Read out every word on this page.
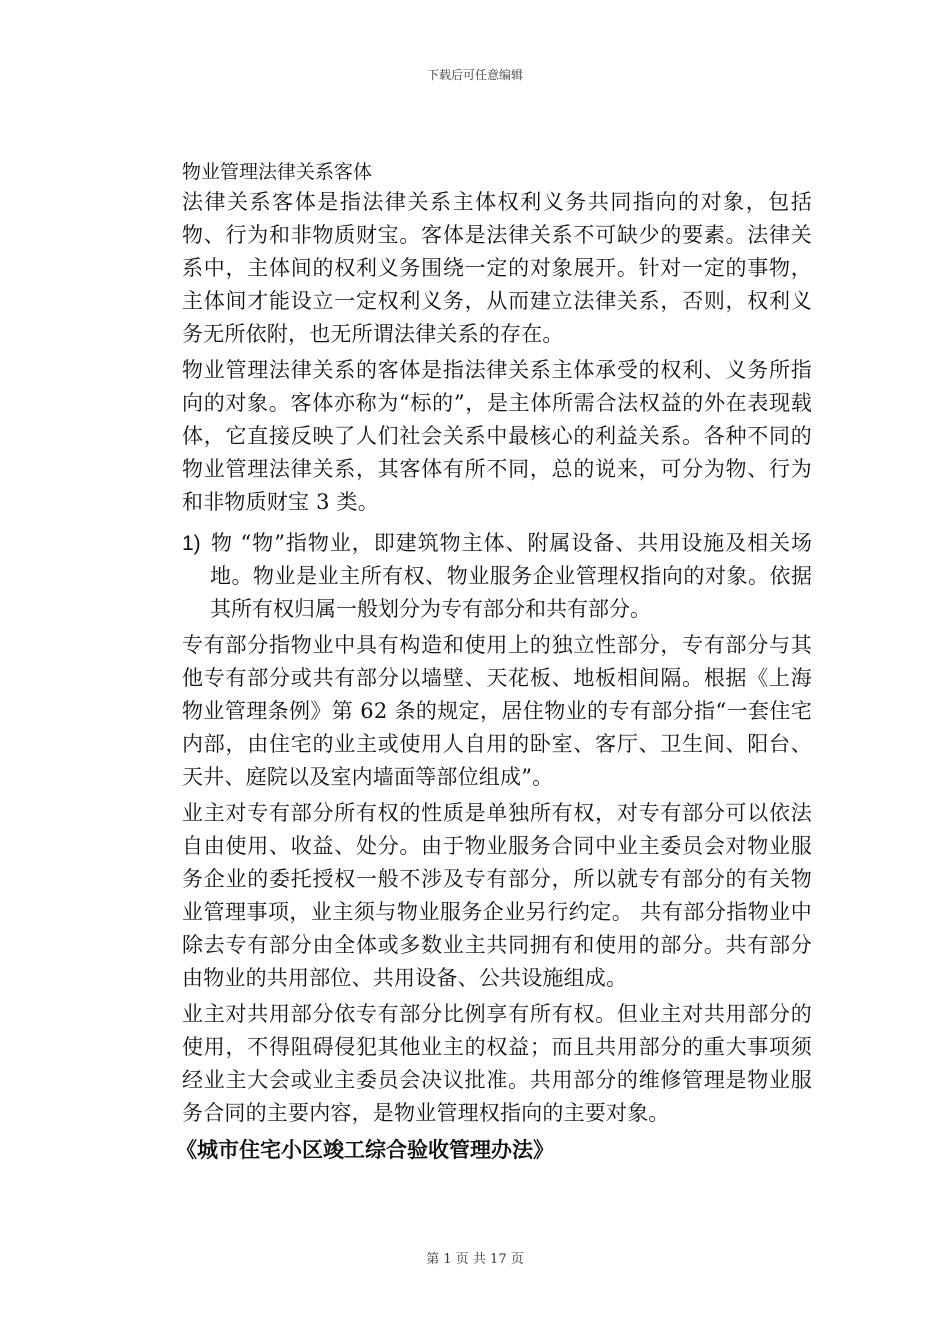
下载后可任意编辑

物业管理法律关系客体

法律关系客体是指法律关系主体权利义务共同指向的对象，包括物、行为和非物质财宝。客体是法律关系不可缺少的要素。法律关系中，主体间的权利义务围绕一定的对象展开。针对一定的事物，主体间才能设立一定权利义务，从而建立法律关系，否则，权利义务无所依附，也无所谓法律关系的存在。

物业管理法律关系的客体是指法律关系主体承受的权利、义务所指向的对象。客体亦称为“标的”，是主体所需合法权益的外在表现载体，它直接反映了人们社会关系中最核心的利益关系。各种不同的物业管理法律关系，其客体有所不同，总的说来，可分为物、行为和非物质财宝 3 类。

1) 物 “物”指物业，即建筑物主体、附属设备、共用设施及相关场地。物业是业主所有权、物业服务企业管理权指向的对象。依据其所有权归属一般划分为专有部分和共有部分。

专有部分指物业中具有构造和使用上的独立性部分，专有部分与其他专有部分或共有部分以墙壁、天花板、地板相间隔。根据《上海物业管理条例》第 62 条的规定，居住物业的专有部分指“一套住宅内部，由住宅的业主或使用人自用的卧室、客厅、卫生间、阳台、天井、庭院以及室内墙面等部位组成”。

业主对专有部分所有权的性质是单独所有权，对专有部分可以依法自由使用、收益、处分。由于物业服务合同中业主委员会对物业服务企业的委托授权一般不涉及专有部分，所以就专有部分的有关物业管理事项，业主须与物业服务企业另行约定。 共有部分指物业中除去专有部分由全体或多数业主共同拥有和使用的部分。共有部分由物业的共用部位、共用设备、公共设施组成。

业主对共用部分依专有部分比例享有所有权。但业主对共用部分的使用，不得阻碍侵犯其他业主的权益；而且共用部分的重大事项须经业主大会或业主委员会决议批准。共用部分的维修管理是物业服务合同的主要内容，是物业管理权指向的主要对象。

《城市住宅小区竣工综合验收管理办法》

第 1 页 共 17 页
